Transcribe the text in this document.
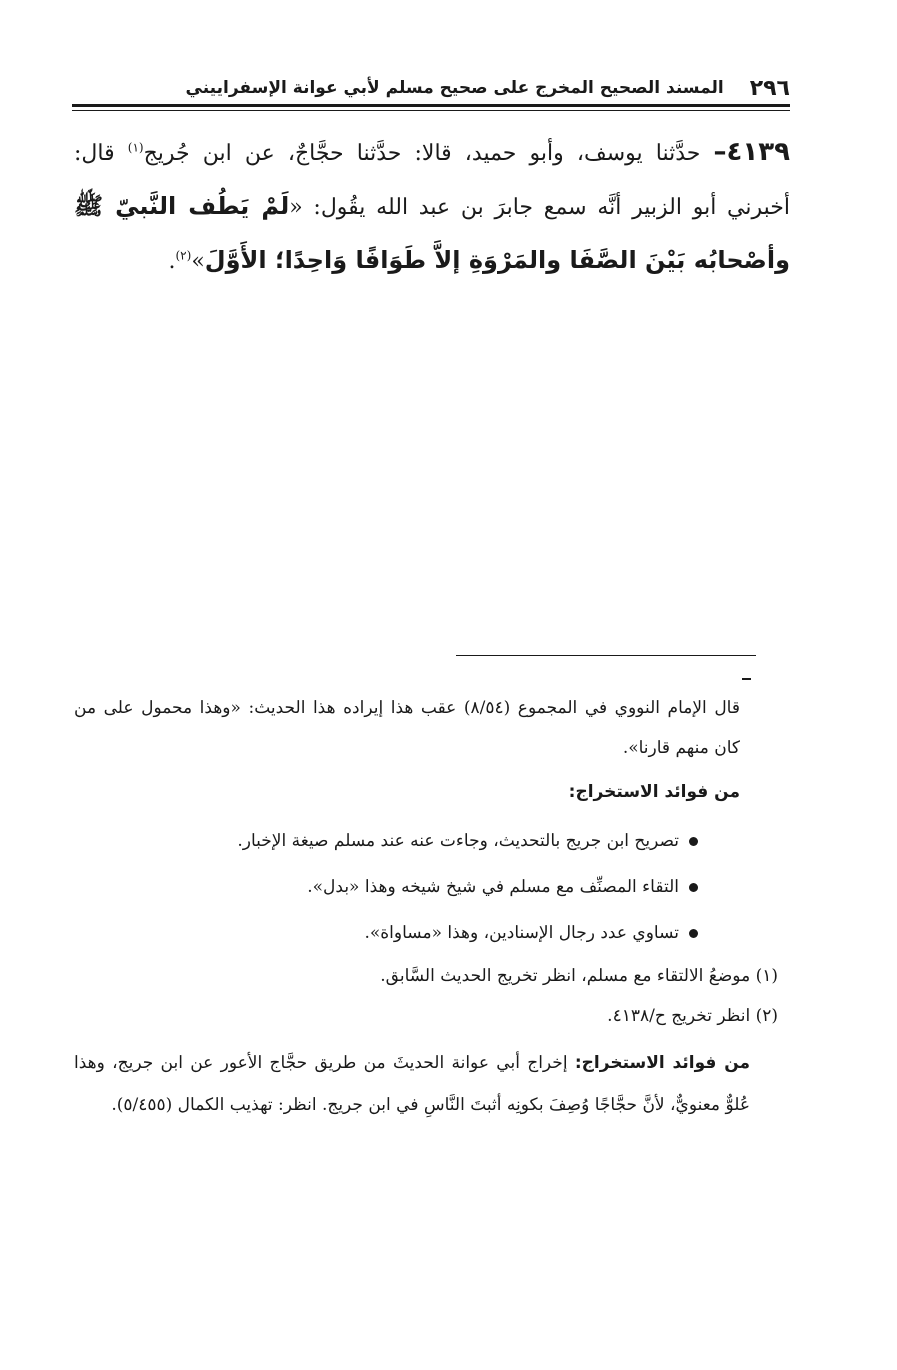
٢٩٦
المسند الصحيح المخرج على صحيح مسلم لأبي عوانة الإسفراييني
٤١٣٩– حدَّثنا يوسف، وأبو حميد، قالا: حدَّثنا حجَّاجٌ، عن ابن جُريج$^{(١)}$ قال: أخبرني أبو الزبير أنَّه سمع جابرَ بن عبد الله يقُول: «لَمْ يَطُف النَّبيّ ﷺ وأصْحابُه بَيْنَ الصَّفَا والمَرْوَةِ إلاَّ طَوَافًا وَاحِدًا؛ الأَوَّلَ»$^{(٢)}$.

قال الإمام النووي في المجموع (٨/٥٤) عقب هذا إيراده هذا الحديث: «وهذا محمول على من كان منهم قارنا».

من فوائد الاستخراج:

تصريح ابن جريج بالتحديث، وجاءت عنه عند مسلم صيغة الإخبار.
التقاء المصنِّف مع مسلم في شيخ شيخه وهذا «بدل».
تساوي عدد رجال الإسنادين، وهذا «مساواة».

(١) موضعُ الالتقاء مع مسلم، انظر تخريج الحديث السَّابق.

(٢) انظر تخريج ح/٤١٣٨.

من فوائد الاستخراج: إخراج أبي عوانة الحديثَ من طريق حجَّاج الأعور عن ابن جريج، وهذا عُلوٌّ معنويٌّ، لأنَّ حجَّاجًا وُصِفَ بكونِه أثبتَ النَّاسِ في ابن جريج. انظر: تهذيب الكمال (٥/٤٥٥).
